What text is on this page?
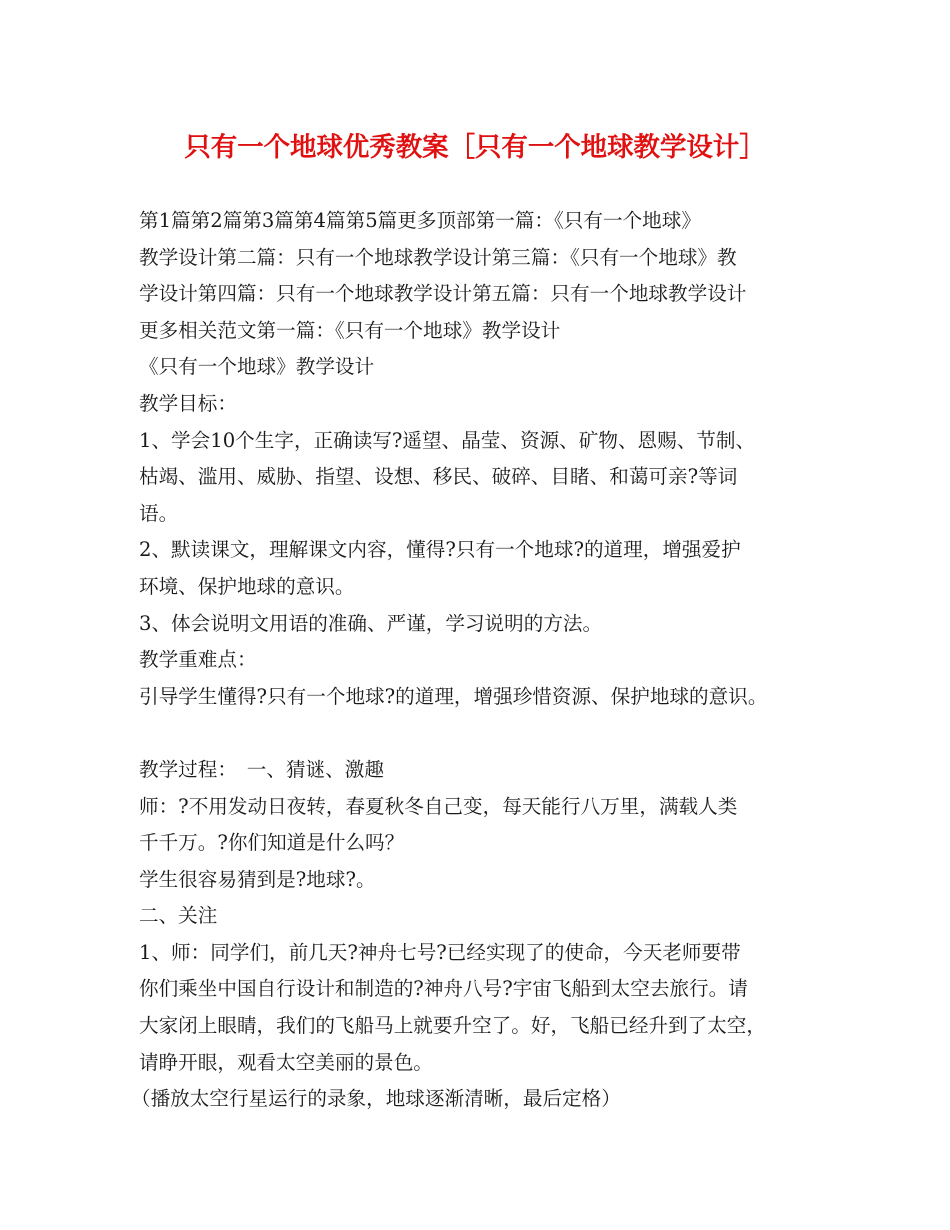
只有一个地球优秀教案［只有一个地球教学设计］
第1篇第2篇第3篇第4篇第5篇更多顶部第一篇：《只有一个地球》
教学设计第二篇：只有一个地球教学设计第三篇：《只有一个地球》教
学设计第四篇：只有一个地球教学设计第五篇：只有一个地球教学设计
更多相关范文第一篇：《只有一个地球》教学设计
《只有一个地球》教学设计
教学目标：
1、学会10个生字，正确读写?遥望、晶莹、资源、矿物、恩赐、节制、
枯竭、滥用、威胁、指望、设想、移民、破碎、目睹、和蔼可亲?等词
语。
2、默读课文，理解课文内容，懂得?只有一个地球?的道理，增强爱护
环境、保护地球的意识。
3、体会说明文用语的准确、严谨，学习说明的方法。
教学重难点：
引导学生懂得?只有一个地球?的道理，增强珍惜资源、保护地球的意识。
教学过程：　一、猜谜、激趣
师：?不用发动日夜转，春夏秋冬自己变，每天能行八万里，满载人类
千千万。?你们知道是什么吗？
学生很容易猜到是?地球?。
二、关注
1、师：同学们，前几天?神舟七号?已经实现了的使命，今天老师要带
你们乘坐中国自行设计和制造的?神舟八号?宇宙飞船到太空去旅行。请
大家闭上眼睛，我们的飞船马上就要升空了。好，飞船已经升到了太空，
请睁开眼，观看太空美丽的景色。
（播放太空行星运行的录象，地球逐渐清晰，最后定格）
